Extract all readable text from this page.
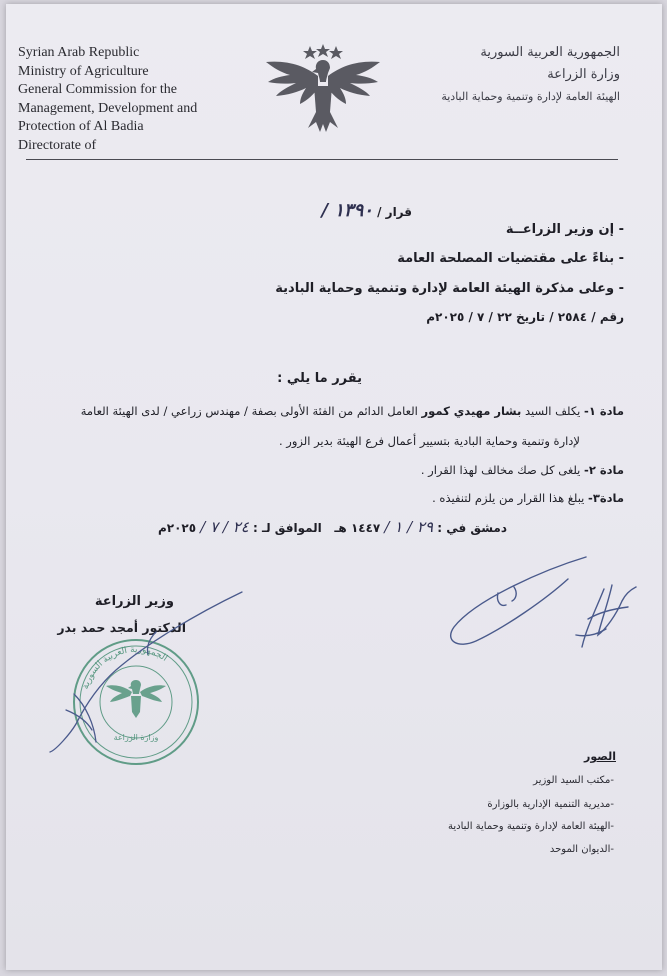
Syrian Arab Republic
Ministry of Agriculture
General Commission for the
Management, Development and
Protection of Al Badia
Directorate of
الجمهورية العربية السورية
وزارة الزراعة
الهيئة العامة لإدارة وتنمية وحماية البادية
قرار / ١٣٩٠ /
- إن وزير الزراعــة
- بناءً على مقتضيات المصلحة العامة
- وعلى مذكرة الهيئة العامة لإدارة وتنمية وحماية البادية
رقم / ٢٥٨٤ / تاريخ ٢٢ / ٧ / ٢٠٢٥م
يقرر ما يلي :
مادة ١- يكلف السيد بشار مهيدي كمور العامل الدائم من الفئة الأولى بصفة / مهندس زراعي / لدى الهيئة العامة
لإدارة وتنمية وحماية البادية بتسيير أعمال فرع الهيئة بدير الزور .
مادة ٢- يلغى كل صك مخالف لهذا القرار .
مادة٣- يبلغ هذا القرار من يلزم لتنفيذه .
دمشق في : ٢٩ / ١ / ١٤٤٧ هـ   الموافق لـ : ٢٤ / ٧ / ٢٠٢٥م
وزير الزراعة
الدكتور أمجد حمد بدر
الجمهورية العربية السورية
وزارة الزراعة
الصور
-مكتب السيد الوزير
-مديرية التنمية الإدارية بالوزارة
-الهيئة العامة لإدارة وتنمية وحماية البادية
-الديوان الموحد
